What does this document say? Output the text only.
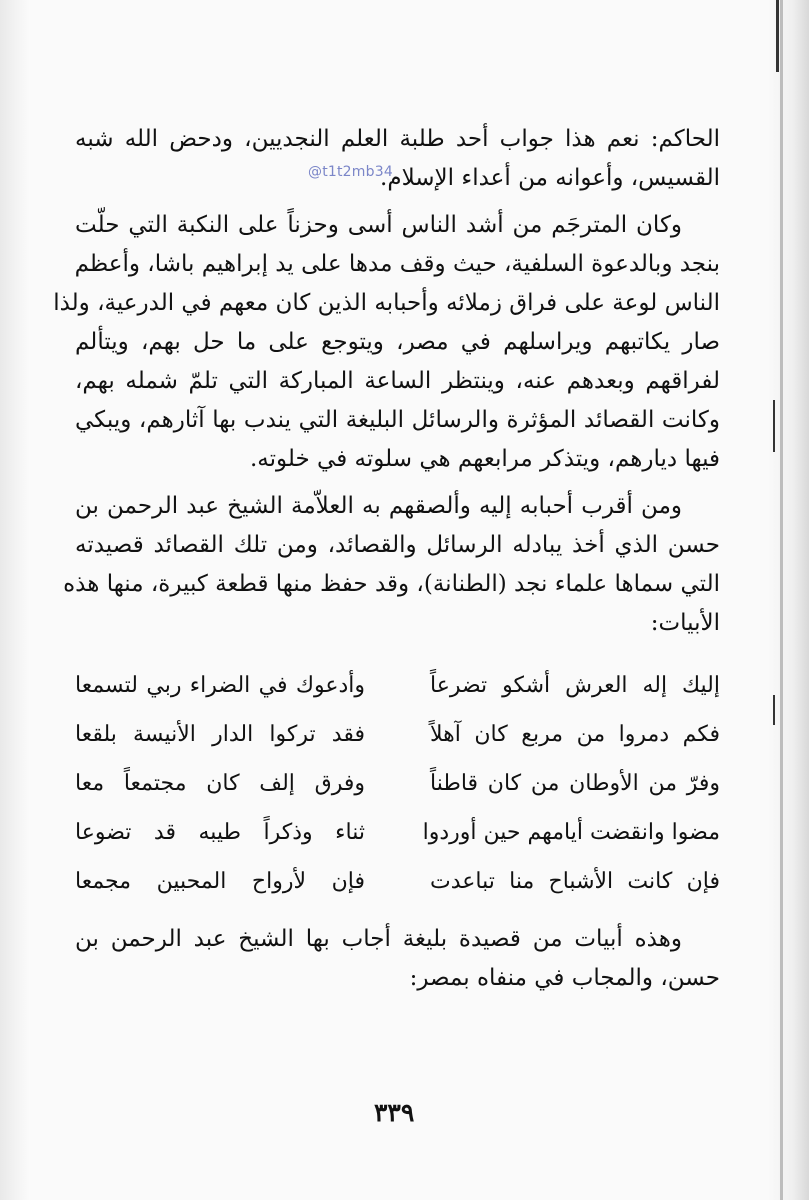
@t1t2mb34
الحاكم: نعم هذا جواب أحد طلبة العلم النجديين، ودحض الله شبه
القسيس، وأعوانه من أعداء الإسلام.
وكان المترجَم من أشد الناس أسى وحزناً على النكبة التي حلّت
بنجد وبالدعوة السلفية، حيث وقف مدها على يد إبراهيم باشا، وأعظم
الناس لوعة على فراق زملائه وأحبابه الذين كان معهم في الدرعية، ولذا
صار يكاتبهم ويراسلهم في مصر، ويتوجع على ما حل بهم، ويتألم
لفراقهم وبعدهم عنه، وينتظر الساعة المباركة التي تلمّ شمله بهم،
وكانت القصائد المؤثرة والرسائل البليغة التي يندب بها آثارهم، ويبكي
فيها ديارهم، ويتذكر مرابعهم هي سلوته في خلوته.
ومن أقرب أحبابه إليه وألصقهم به العلاّمة الشيخ عبد الرحمن بن
حسن الذي أخذ يبادله الرسائل والقصائد، ومن تلك القصائد قصيدته
التي سماها علماء نجد (الطنانة)، وقد حفظ منها قطعة كبيرة، منها هذه
الأبيات:
إليك إله العرش أشكو تضرعاً
وأدعوك في الضراء ربي لتسمعا
فكم دمروا من مربع كان آهلاً
فقد تركوا الدار الأنيسة بلقعا
وفرّ من الأوطان من كان قاطناً
وفرق إلف كان مجتمعاً معا
مضوا وانقضت أيامهم حين أوردوا
ثناء وذكراً طيبه قد تضوعا
فإن كانت الأشباح منا تباعدت
فإن لأرواح المحبين مجمعا
وهذه أبيات من قصيدة بليغة أجاب بها الشيخ عبد الرحمن بن
حسن، والمجاب في منفاه بمصر:
٣٣٩
